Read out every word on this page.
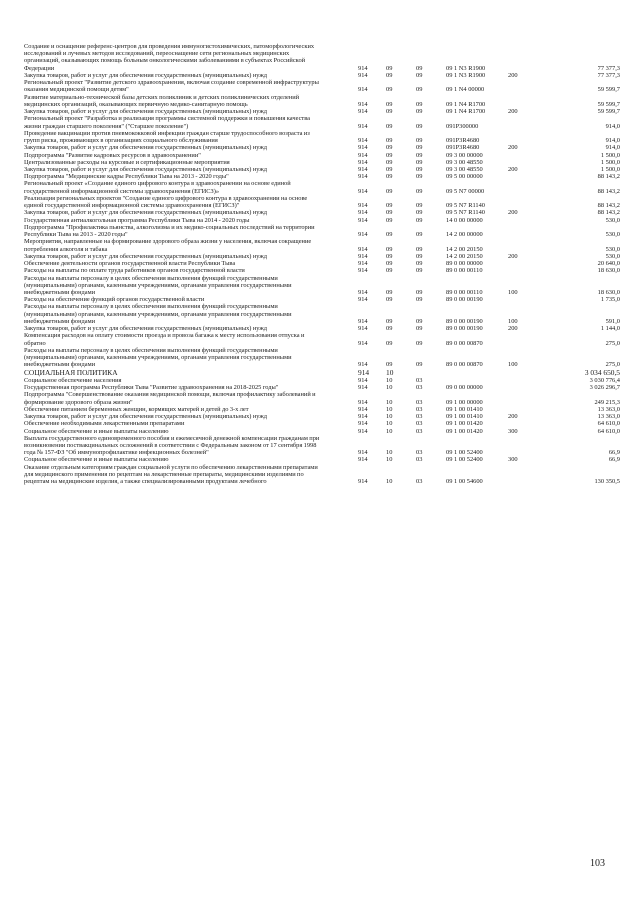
Создание и оснащение референс-центров для проведения иммуногистохимических, патоморфологических исследований и лучевых методов исследований, переоснащение сети региональных медицинских организаций, оказывающих помощь больным онкологическими заболеваниями в субъектах Российской Федерации		914	09	09	09 1 N3 R1900		77 377,3
Закупка товаров, работ и услуг для обеспечения государственных (муниципальных) нужд		914	09	09	09 1 N3 R1900	200	77 377,3
Региональный проект "Развитие детского здравоохранения, включая создание современной инфраструктуры оказания медицинской помощи детям"		914	09	09	09 1 N4 00000		59 599,7
Развитие материально-технической базы детских поликлиник и детских поликлинических отделений медицинских организаций, оказывающих первичную медико-санитарную помощь		914	09	09	09 1 N4 R1700		59 599,7
Закупка товаров, работ и услуг для обеспечения государственных (муниципальных) нужд		914	09	09	09 1 N4 R1700	200	59 599,7
Региональный проект "Разработка и реализация программы системной поддержки и повышения качества жизни граждан старшего поколения" ("Старшее поколение")		914	09	09	091P300000		914,0
Проведение вакцинации против пневмококковой инфекции граждан старше трудоспособного возраста из групп риска, проживающих в организациях социального обслуживания		914	09	09	091P3R4680		914,0
Закупка товаров, работ и услуг для обеспечения государственных (муниципальных) нужд		914	09	09	091P3R4680	200	914,0
Подпрограмма "Развитие кадровых ресурсов в здравоохранении"		914	09	09	09 3 00 00000		1 500,0
Централизованные расходы на курсовые и сертификационные мероприятия		914	09	09	09 3 00 48550		1 500,0
Закупка товаров, работ и услуг для обеспечения государственных (муниципальных) нужд		914	09	09	09 3 00 48550	200	1 500,0
Подпрограмма "Медицинские кадры Республики Тыва на 2013 - 2020 годы"		914	09	09	09 5 00 00000		88 143,2
Региональный проект «Создание единого цифрового контура в здравоохранении на основе единой государственной информационной системы здравоохранения (ЕГИСЗ)»		914	09	09	09 5 N7 00000		88 143,2
Реализация региональных проектов "Создание единого цифрового контура в здравоохранении на основе единой государственной информационной системы здравоохранения (ЕГИСЗ)"		914	09	09	09 5 N7 R1140		88 143,2
Закупка товаров, работ и услуг для обеспечения государственных (муниципальных) нужд		914	09	09	09 5 N7 R1140	200	88 143,2
Государственная антиалкогольная программа Республики Тыва на 2014 - 2020 годы		914	09	09	14 0 00 00000		530,0
Подпрограмма "Профилактика пьянства, алкоголизма и их медико-социальных последствий на территории Республики Тыва на 2013 - 2020 годы"		914	09	09	14 2 00 00000		530,0
Мероприятия, направленные на формирование здорового образа жизни у населения, включая сокращение потребления алкоголя и табака		914	09	09	14 2 00 20150		530,0
Закупка товаров, работ и услуг для обеспечения государственных (муниципальных) нужд		914	09	09	14 2 00 20150	200	530,0
Обеспечение деятельности органов государственной власти Республики Тыва		914	09	09	89 0 00 00000		20 640,0
Расходы на выплаты по оплате труда работников органов государственной власти		914	09	09	89 0 00 00110		18 630,0
Расходы на выплаты персоналу в целях обеспечения выполнения функций государственными (муниципальными) органами, казенными учреждениями, органами управления государственными внебюджетными фондами		914	09	09	89 0 00 00110	100	18 630,0
Расходы на обеспечение функций органов государственной власти		914	09	09	89 0 00 00190		1 735,0
Расходы на выплаты персоналу в целях обеспечения выполнения функций государственными (муниципальными) органами, казенными учреждениями, органами управления государственными внебюджетными фондами		914	09	09	89 0 00 00190	100	591,0
Закупка товаров, работ и услуг для обеспечения государственных (муниципальных) нужд		914	09	09	89 0 00 00190	200	1 144,0
Компенсация расходов на оплату стоимости проезда и провоза багажа к месту использования отпуска и обратно		914	09	09	89 0 00 00870		275,0
Расходы на выплаты персоналу в целях обеспечения выполнения функций государственными (муниципальными) органами, казенными учреждениями, органами управления государственными внебюджетными фондами		914	09	09	89 0 00 00870	100	275,0
СОЦИАЛЬНАЯ ПОЛИТИКА		914	10				3 034 650,5
Социальное обеспечение населения		914	10	03			3 030 776,4
Государственная программа Республики Тыва "Развитие здравоохранения на 2018-2025 годы"		914	10	03	09 0 00 00000		3 026 296,7
Подпрограмма "Совершенствование оказания медицинской помощи, включая профилактику заболеваний и формирование здорового образа жизни"		914	10	03	09 1 00 00000		249 215,3
Обеспечение питанием беременных женщин, кормящих матерей и детей до 3-х лет		914	10	03	09 1 00 01410		13 363,0
Закупка товаров, работ и услуг для обеспечения государственных (муниципальных) нужд		914	10	03	09 1 00 01410	200	13 363,0
Обеспечение необходимыми лекарственными препаратами		914	10	03	09 1 00 01420		64 610,0
Социальное обеспечение и иные выплаты населению		914	10	03	09 1 00 01420	300	64 610,0
Выплата государственного единовременного пособия и ежемесячной денежной компенсации гражданам при возникновении поствакцинальных осложнений в соответствии с Федеральным законом от 17 сентября 1998 года № 157-ФЗ "Об иммунопрофилактике инфекционных болезней"		914	10	03	09 1 00 52400		66,9
Социальное обеспечение и иные выплаты населению		914	10	03	09 1 00 52400	300	66,9
Оказание отдельным категориям граждан социальной услуги по обеспечению лекарственными препаратами для медицинского применения по рецептам на лекарственные препараты, медицинскими изделиями по рецептам на медицинские изделия, а также специализированными продуктами лечебного		914	10	03	09 1 00 54600		130 350,5
103
